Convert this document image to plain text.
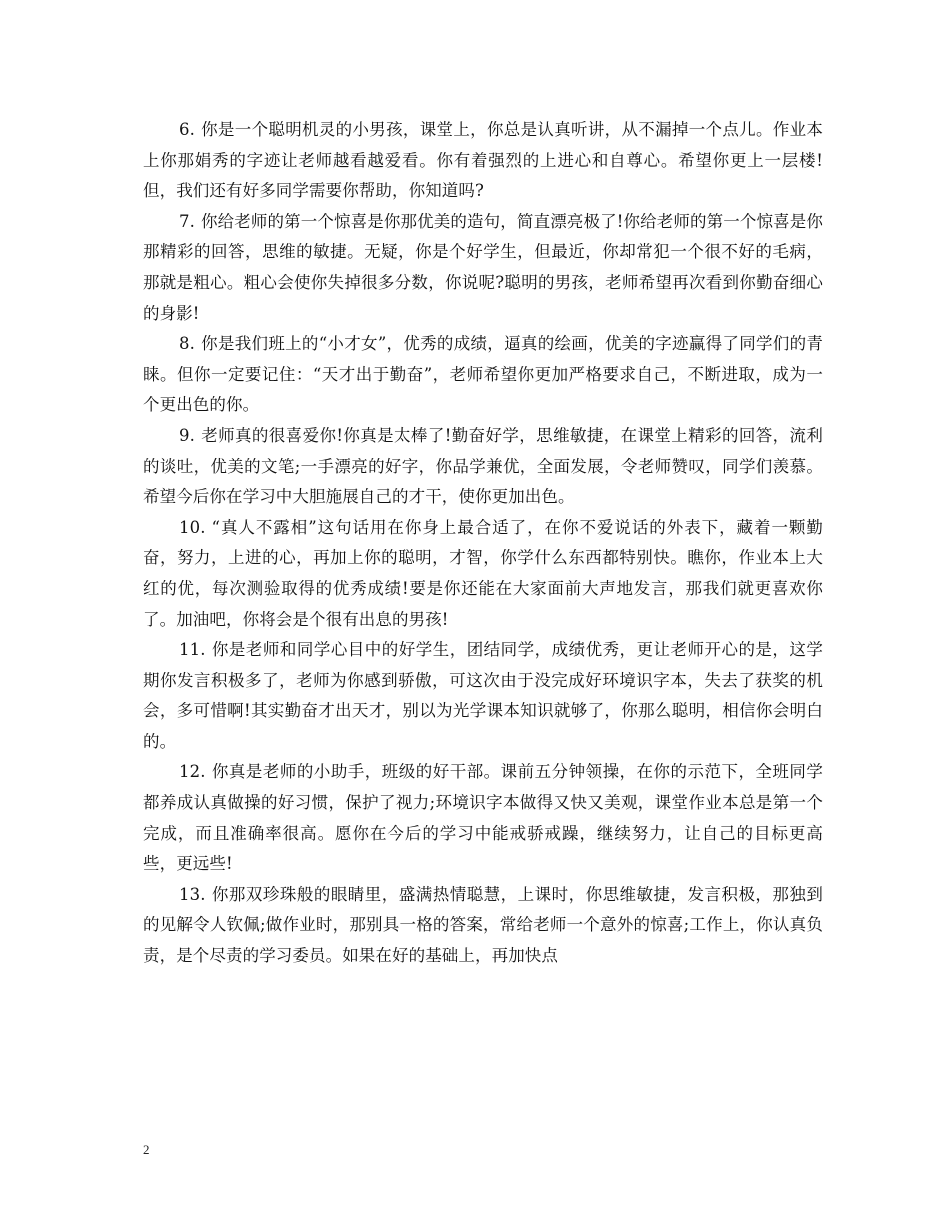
6. 你是一个聪明机灵的小男孩，课堂上，你总是认真听讲，从不漏掉一个点儿。作业本上你那娟秀的字迹让老师越看越爱看。你有着强烈的上进心和自尊心。希望你更上一层楼!但，我们还有好多同学需要你帮助，你知道吗?

7. 你给老师的第一个惊喜是你那优美的造句，简直漂亮极了!你给老师的第一个惊喜是你那精彩的回答，思维的敏捷。无疑，你是个好学生，但最近，你却常犯一个很不好的毛病，那就是粗心。粗心会使你失掉很多分数，你说呢?聪明的男孩，老师希望再次看到你勤奋细心的身影!

8. 你是我们班上的“小才女”，优秀的成绩，逼真的绘画，优美的字迹赢得了同学们的青睐。但你一定要记住：“天才出于勤奋”，老师希望你更加严格要求自己，不断进取，成为一个更出色的你。

9. 老师真的很喜爱你!你真是太棒了!勤奋好学，思维敏捷，在课堂上精彩的回答，流利的谈吐，优美的文笔;一手漂亮的好字，你品学兼优，全面发展，令老师赞叹，同学们羡慕。希望今后你在学习中大胆施展自己的才干，使你更加出色。

10. “真人不露相”这句话用在你身上最合适了，在你不爱说话的外表下，藏着一颗勤奋，努力，上进的心，再加上你的聪明，才智，你学什么东西都特别快。瞧你，作业本上大红的优，每次测验取得的优秀成绩!要是你还能在大家面前大声地发言，那我们就更喜欢你了。加油吧，你将会是个很有出息的男孩!

11. 你是老师和同学心目中的好学生，团结同学，成绩优秀，更让老师开心的是，这学期你发言积极多了，老师为你感到骄傲，可这次由于没完成好环境识字本，失去了获奖的机会，多可惜啊!其实勤奋才出天才，别以为光学课本知识就够了，你那么聪明，相信你会明白的。

12. 你真是老师的小助手，班级的好干部。课前五分钟领操，在你的示范下，全班同学都养成认真做操的好习惯，保护了视力;环境识字本做得又快又美观，课堂作业本总是第一个完成，而且准确率很高。愿你在今后的学习中能戒骄戒躁，继续努力，让自己的目标更高些，更远些!

13. 你那双珍珠般的眼睛里，盛满热情聪慧，上课时，你思维敏捷，发言积极，那独到的见解令人钦佩;做作业时，那别具一格的答案，常给老师一个意外的惊喜;工作上，你认真负责，是个尽责的学习委员。如果在好的基础上，再加快点

2
